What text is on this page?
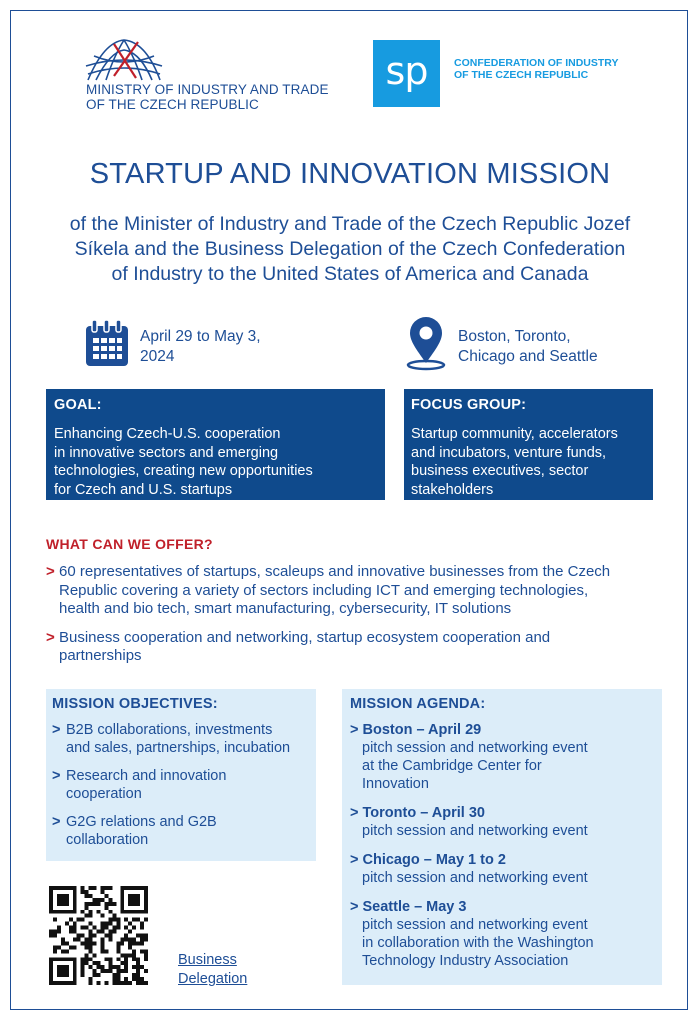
MINISTRY OF INDUSTRY AND TRADE
OF THE CZECH REPUBLIC
sp	CONFEDERATION OF INDUSTRY
OF THE CZECH REPUBLIC
STARTUP AND INNOVATION MISSION
of the Minister of Industry and Trade of the Czech Republic Jozef
Síkela and the Business Delegation of the Czech Confederation
of Industry to the United States of America and Canada
April 29 to May 3,
2024
Boston, Toronto,
Chicago and Seattle
GOAL:
Enhancing Czech-U.S. cooperation
in innovative sectors and emerging
technologies, creating new opportunities
for Czech and U.S. startups
FOCUS GROUP:
Startup community, accelerators
and incubators, venture funds,
business executives, sector
stakeholders
WHAT CAN WE OFFER?
> 60 representatives of startups, scaleups and innovative businesses from the Czech
Republic covering a variety of sectors including ICT and emerging technologies,
health and bio tech, smart manufacturing, cybersecurity, IT solutions
> Business cooperation and networking, startup ecosystem cooperation and
partnerships
MISSION OBJECTIVES:
> B2B collaborations, investments
and sales, partnerships, incubation
> Research and innovation
cooperation
> G2G relations and G2B
collaboration
MISSION AGENDA:
> Boston – April 29
pitch session and networking event
at the Cambridge Center for
Innovation
> Toronto – April 30
pitch session and networking event
> Chicago – May 1 to 2
pitch session and networking event
> Seattle – May 3
pitch session and networking event
in collaboration with the Washington
Technology Industry Association
Business
Delegation
